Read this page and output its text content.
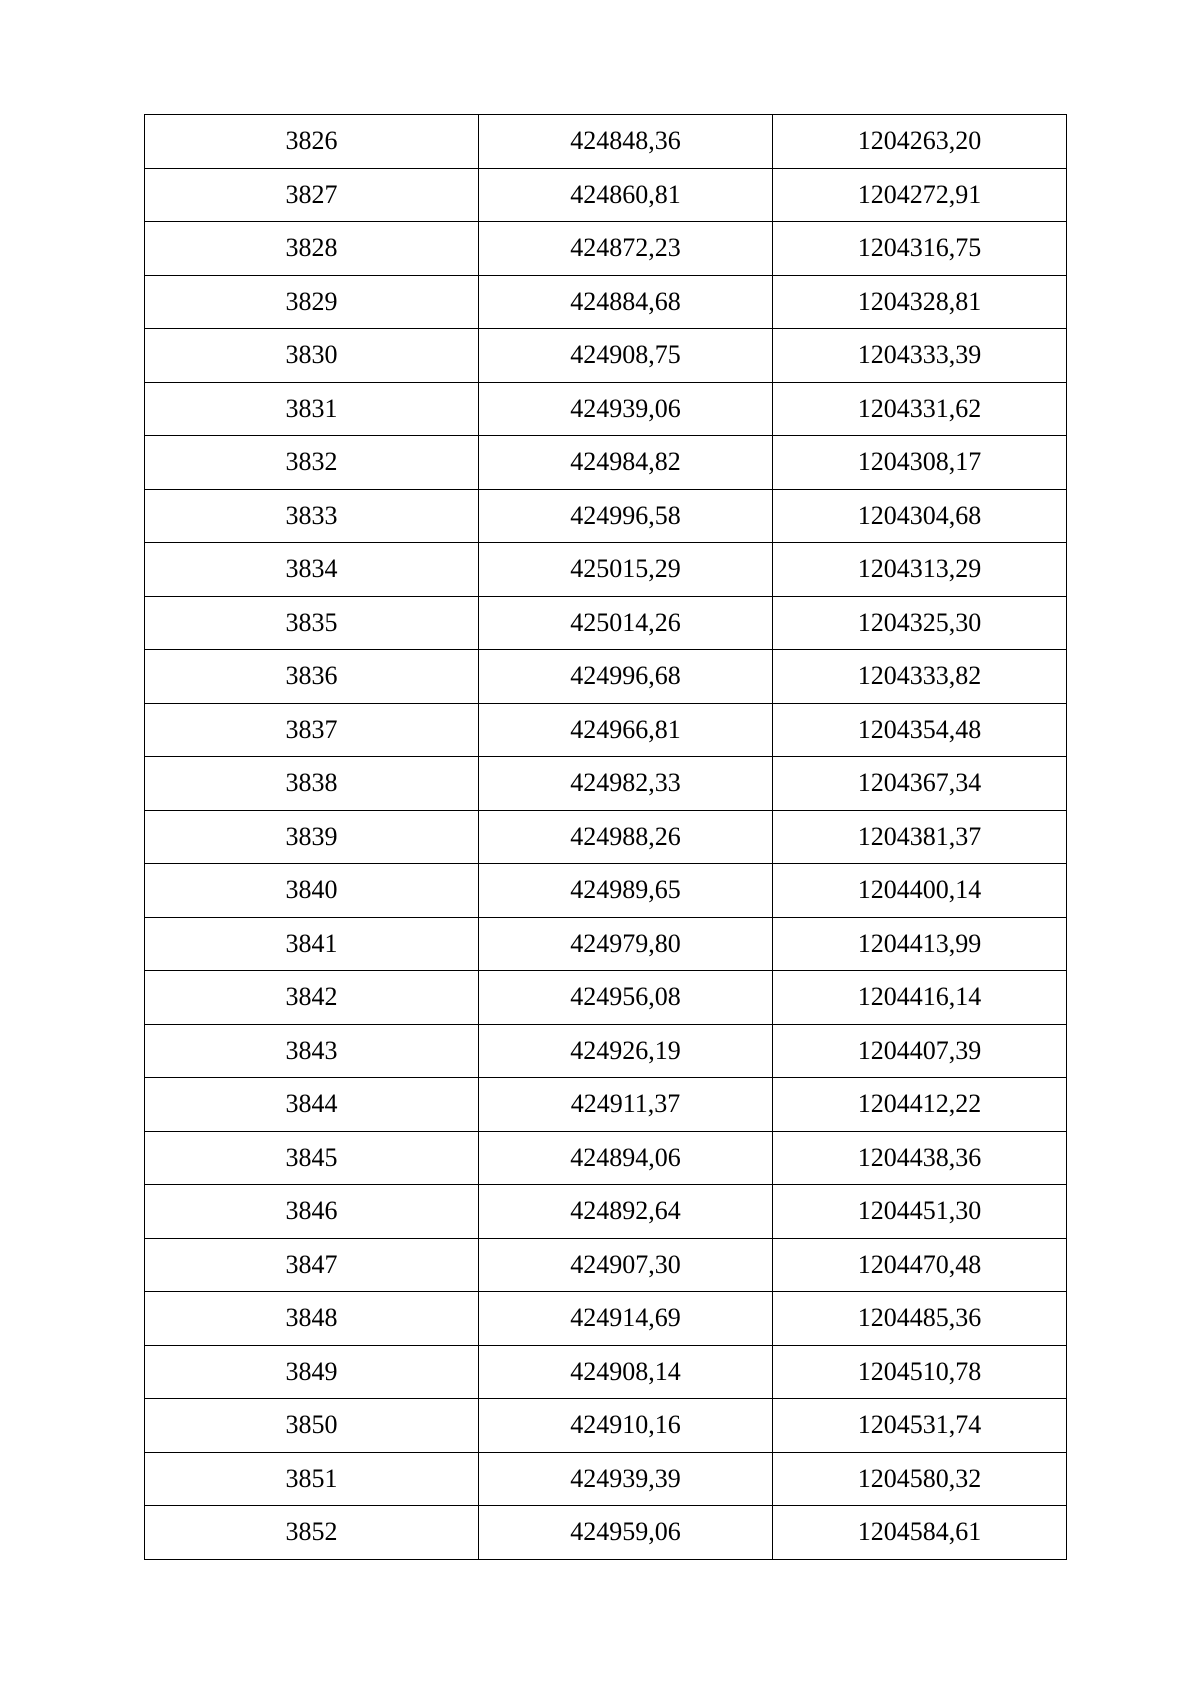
3826	424848,36	1204263,20
3827	424860,81	1204272,91
3828	424872,23	1204316,75
3829	424884,68	1204328,81
3830	424908,75	1204333,39
3831	424939,06	1204331,62
3832	424984,82	1204308,17
3833	424996,58	1204304,68
3834	425015,29	1204313,29
3835	425014,26	1204325,30
3836	424996,68	1204333,82
3837	424966,81	1204354,48
3838	424982,33	1204367,34
3839	424988,26	1204381,37
3840	424989,65	1204400,14
3841	424979,80	1204413,99
3842	424956,08	1204416,14
3843	424926,19	1204407,39
3844	424911,37	1204412,22
3845	424894,06	1204438,36
3846	424892,64	1204451,30
3847	424907,30	1204470,48
3848	424914,69	1204485,36
3849	424908,14	1204510,78
3850	424910,16	1204531,74
3851	424939,39	1204580,32
3852	424959,06	1204584,61
